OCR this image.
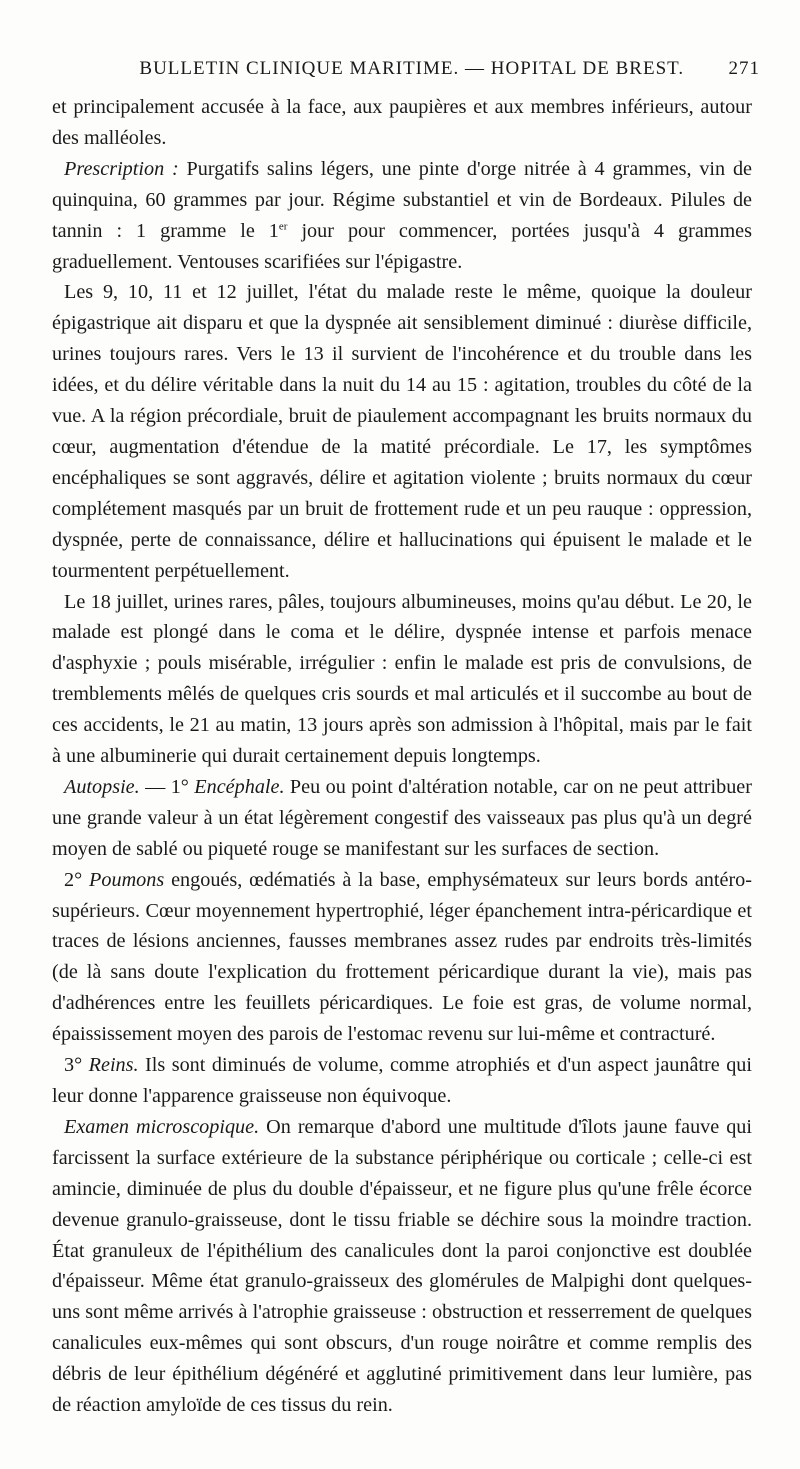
BULLETIN CLINIQUE MARITIME. — HOPITAL DE BREST.	271

et principalement accusée à la face, aux paupières et aux membres inférieurs, autour des malléoles.

Prescription : Purgatifs salins légers, une pinte d'orge nitrée à 4 grammes, vin de quinquina, 60 grammes par jour. Régime substantiel et vin de Bordeaux. Pilules de tannin : 1 gramme le 1er jour pour commencer, portées jusqu'à 4 grammes graduellement. Ventouses scarifiées sur l'épigastre.

Les 9, 10, 11 et 12 juillet, l'état du malade reste le même, quoique la douleur épigastrique ait disparu et que la dyspnée ait sensiblement diminué : diurèse difficile, urines toujours rares. Vers le 13 il survient de l'incohérence et du trouble dans les idées, et du délire véritable dans la nuit du 14 au 15 : agitation, troubles du côté de la vue. A la région précordiale, bruit de piaulement accompagnant les bruits normaux du cœur, augmentation d'étendue de la matité précordiale. Le 17, les symptômes encéphaliques se sont aggravés, délire et agitation violente ; bruits normaux du cœur complétement masqués par un bruit de frottement rude et un peu rauque : oppression, dyspnée, perte de connaissance, délire et hallucinations qui épuisent le malade et le tourmentent perpétuellement.

Le 18 juillet, urines rares, pâles, toujours albumineuses, moins qu'au début. Le 20, le malade est plongé dans le coma et le délire, dyspnée intense et parfois menace d'asphyxie ; pouls misérable, irrégulier : enfin le malade est pris de convulsions, de tremblements mêlés de quelques cris sourds et mal articulés et il succombe au bout de ces accidents, le 21 au matin, 13 jours après son admission à l'hôpital, mais par le fait à une albuminerie qui durait certainement depuis longtemps.

Autopsie. — 1° Encéphale. Peu ou point d'altération notable, car on ne peut attribuer une grande valeur à un état légèrement congestif des vaisseaux pas plus qu'à un degré moyen de sablé ou piqueté rouge se manifestant sur les surfaces de section.

2° Poumons engoués, œdématiés à la base, emphysémateux sur leurs bords antéro-supérieurs. Cœur moyennement hypertrophié, léger épanchement intra-péricardique et traces de lésions anciennes, fausses membranes assez rudes par endroits très-limités (de là sans doute l'explication du frottement péricardique durant la vie), mais pas d'adhérences entre les feuillets péricardiques. Le foie est gras, de volume normal, épaississement moyen des parois de l'estomac revenu sur lui-même et contracturé.

3° Reins. Ils sont diminués de volume, comme atrophiés et d'un aspect jaunâtre qui leur donne l'apparence graisseuse non équivoque.

Examen microscopique. On remarque d'abord une multitude d'îlots jaune fauve qui farcissent la surface extérieure de la substance périphérique ou corticale ; celle-ci est amincie, diminuée de plus du double d'épaisseur, et ne figure plus qu'une frêle écorce devenue granulo-graisseuse, dont le tissu friable se déchire sous la moindre traction. État granuleux de l'épithélium des canalicules dont la paroi conjonctive est doublée d'épaisseur. Même état granulo-graisseux des glomérules de Malpighi dont quelques-uns sont même arrivés à l'atrophie graisseuse : obstruction et resserrement de quelques canalicules eux-mêmes qui sont obscurs, d'un rouge noirâtre et comme remplis des débris de leur épithélium dégénéré et agglutiné primitivement dans leur lumière, pas de réaction amyloïde de ces tissus du rein.
